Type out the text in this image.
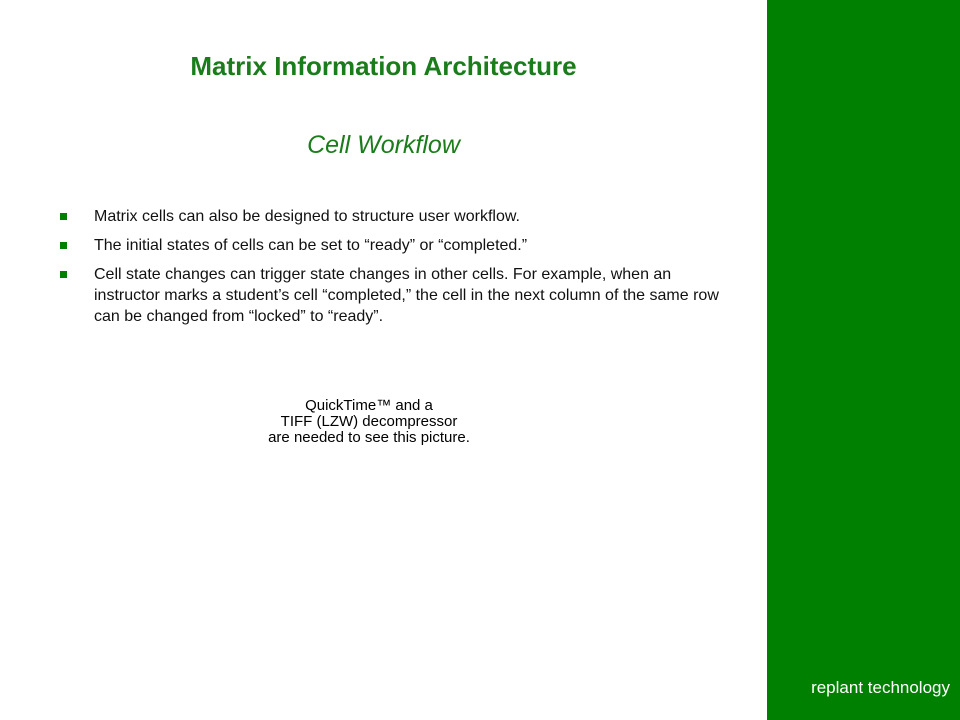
Matrix Information Architecture
Cell Workflow
Matrix cells can also be designed to structure user workflow.
The initial states of cells can be set to “ready” or “completed.”
Cell state changes can trigger state changes in other cells. For example, when an instructor marks a student’s cell “completed,” the cell in the next column of the same row can be changed from “locked” to “ready”.
QuickTime™ and a
TIFF (LZW) decompressor
are needed to see this picture.
replant technology
